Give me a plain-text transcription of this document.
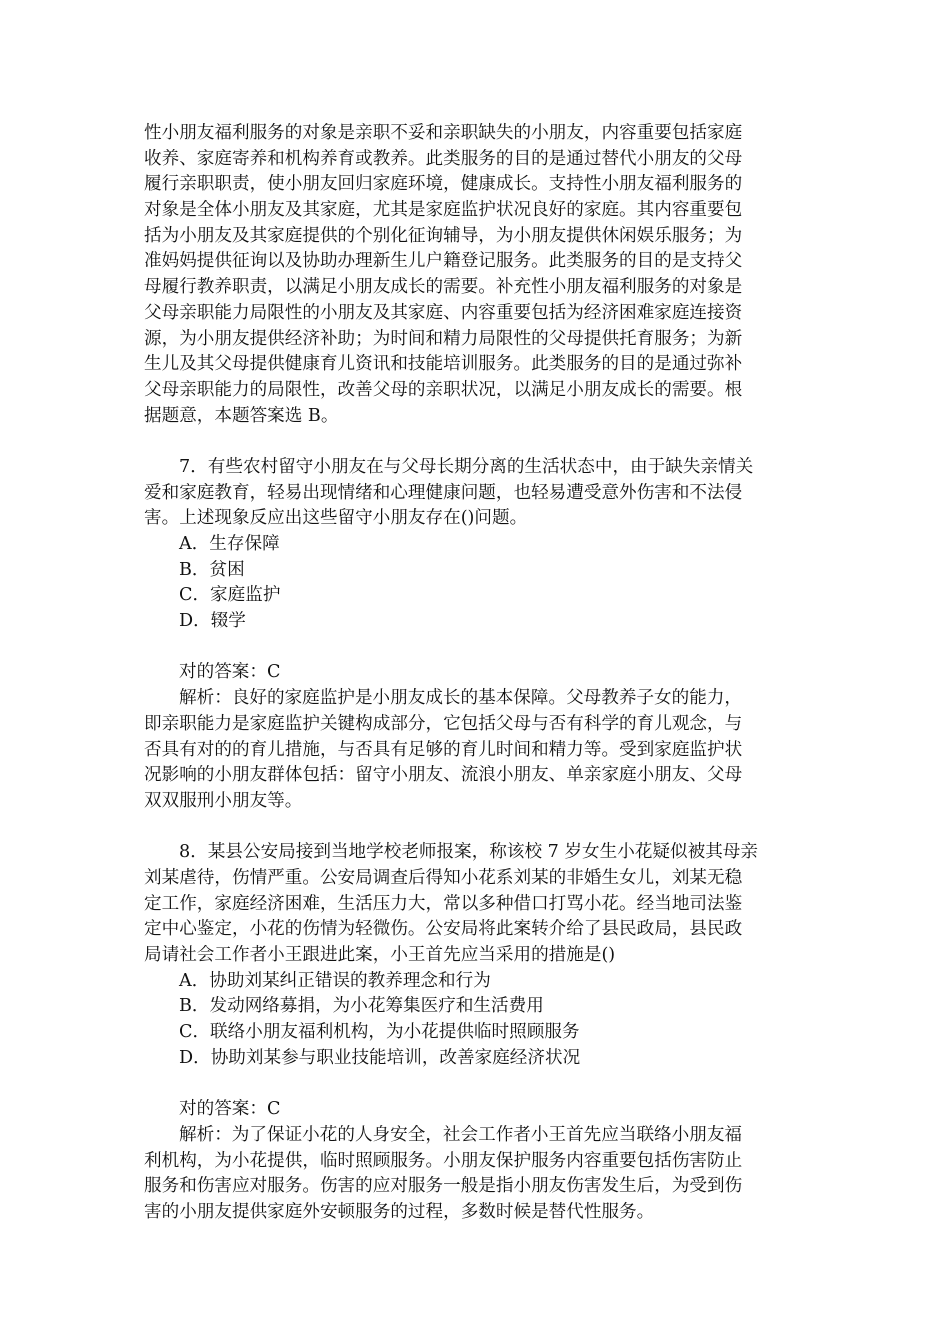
性小朋友福利服务的对象是亲职不妥和亲职缺失的小朋友，内容重要包括家庭
收养、家庭寄养和机构养育或教养。此类服务的目的是通过替代小朋友的父母
履行亲职职责，使小朋友回归家庭环境，健康成长。支持性小朋友福利服务的
对象是全体小朋友及其家庭，尤其是家庭监护状况良好的家庭。其内容重要包
括为小朋友及其家庭提供的个别化征询辅导，为小朋友提供休闲娱乐服务；为
准妈妈提供征询以及协助办理新生儿户籍登记服务。此类服务的目的是支持父
母履行教养职责，以满足小朋友成长的需要。补充性小朋友福利服务的对象是
父母亲职能力局限性的小朋友及其家庭、内容重要包括为经济困难家庭连接资
源，为小朋友提供经济补助；为时间和精力局限性的父母提供托育服务；为新
生儿及其父母提供健康育儿资讯和技能培训服务。此类服务的目的是通过弥补
父母亲职能力的局限性，改善父母的亲职状况，以满足小朋友成长的需要。根
据题意，本题答案选 B。
7．有些农村留守小朋友在与父母长期分离的生活状态中，由于缺失亲情关
爱和家庭教育，轻易出现情绪和心理健康问题，也轻易遭受意外伤害和不法侵
害。上述现象反应出这些留守小朋友存在()问题。
A．生存保障
B．贫困
C．家庭监护
D．辍学
对的答案：C
解析：良好的家庭监护是小朋友成长的基本保障。父母教养子女的能力，
即亲职能力是家庭监护关键构成部分，它包括父母与否有科学的育儿观念，与
否具有对的的育儿措施，与否具有足够的育儿时间和精力等。受到家庭监护状
况影响的小朋友群体包括：留守小朋友、流浪小朋友、单亲家庭小朋友、父母
双双服刑小朋友等。
8．某县公安局接到当地学校老师报案，称该校 7 岁女生小花疑似被其母亲
刘某虐待，伤情严重。公安局调查后得知小花系刘某的非婚生女儿，刘某无稳
定工作，家庭经济困难，生活压力大，常以多种借口打骂小花。经当地司法鉴
定中心鉴定，小花的伤情为轻微伤。公安局将此案转介给了县民政局，县民政
局请社会工作者小王跟进此案，小王首先应当采用的措施是()
A．协助刘某纠正错误的教养理念和行为
B．发动网络募捐，为小花筹集医疗和生活费用
C．联络小朋友福利机构，为小花提供临时照顾服务
D．协助刘某参与职业技能培训，改善家庭经济状况
对的答案：C
解析：为了保证小花的人身安全，社会工作者小王首先应当联络小朋友福
利机构，为小花提供，临时照顾服务。小朋友保护服务内容重要包括伤害防止
服务和伤害应对服务。伤害的应对服务一般是指小朋友伤害发生后，为受到伤
害的小朋友提供家庭外安顿服务的过程，多数时候是替代性服务。
